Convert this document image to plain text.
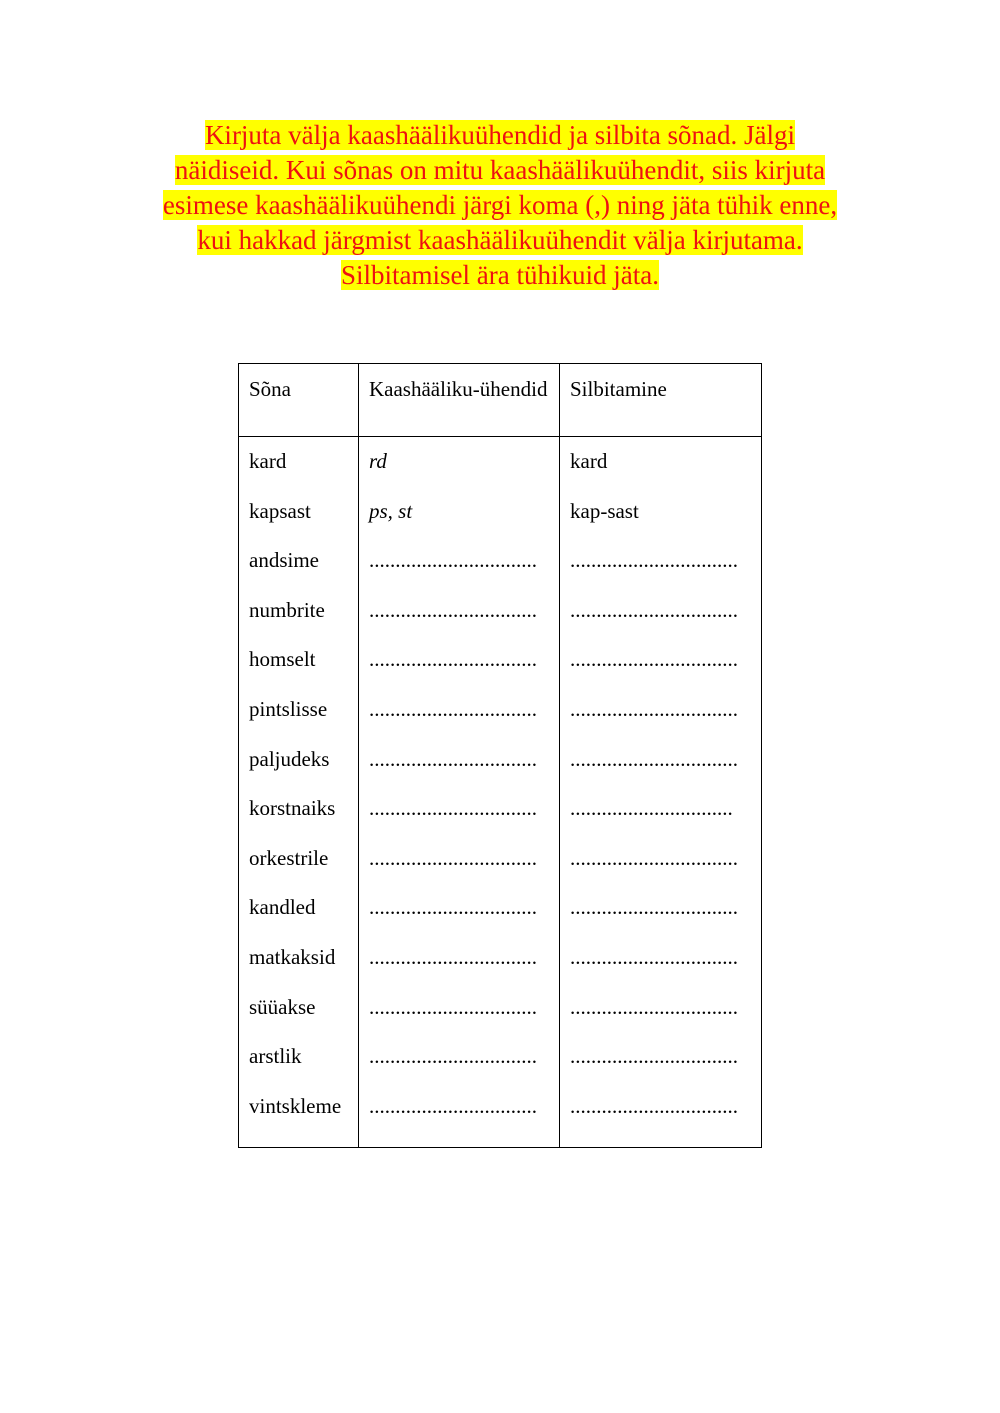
Kirjuta välja kaashäälikuühendid ja silbita sõnad. Jälgi
näidiseid. Kui sõnas on mitu kaashäälikuühendit, siis kirjuta
esimese kaashäälikuühendi järgi koma (,) ning jäta tühik enne,
kui hakkad järgmist kaashäälikuühendit välja kirjutama.
Silbitamisel ära tühikuid jäta.
Sõna	Kaashääliku-ühendid	Silbitamine
kard	rd	kard
kapsast	ps, st	kap-sast
andsime	................................	................................
numbrite	................................	................................
homselt	................................	................................
pintslisse	................................	................................
paljudeks	................................	................................
korstnaiks	................................	...............................
orkestrile	................................	................................
kandled	................................	................................
matkaksid	................................	................................
süüakse	................................	................................
arstlik	................................	................................
vintskleme	................................	................................
